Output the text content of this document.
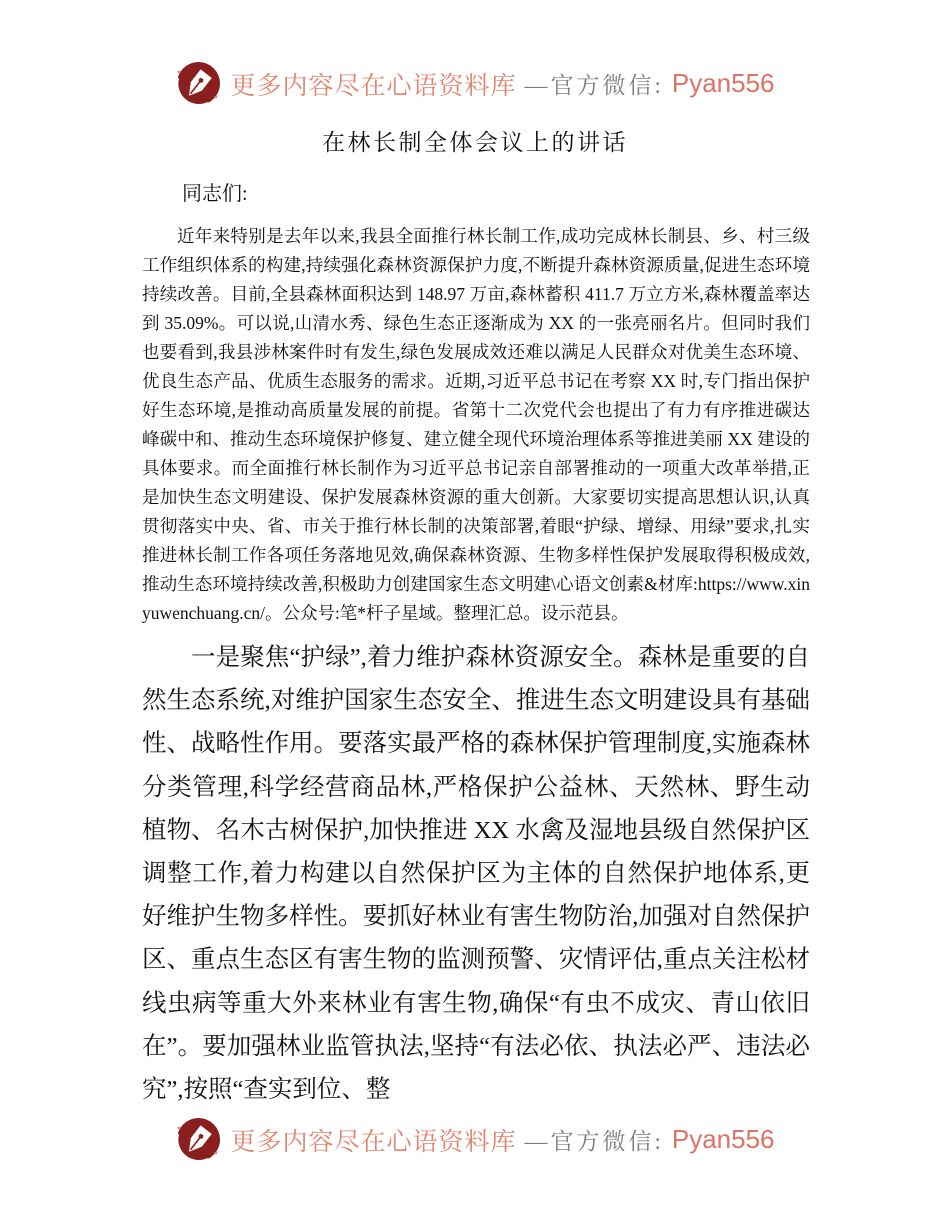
更多内容尽在心语资料库 —官方微信: Pyan556
在林长制全体会议上的讲话

同志们:

近年来特别是去年以来,我县全面推行林长制工作,成功完成林长制县、乡、村三级工作组织体系的构建,持续强化森林资源保护力度,不断提升森林资源质量,促进生态环境持续改善。目前,全县森林面积达到 148.97 万亩,森林蓄积 411.7 万立方米,森林覆盖率达到 35.09%。可以说,山清水秀、绿色生态正逐渐成为 XX 的一张亮丽名片。但同时我们也要看到,我县涉林案件时有发生,绿色发展成效还难以满足人民群众对优美生态环境、优良生态产品、优质生态服务的需求。近期,习近平总书记在考察 XX 时,专门指出保护好生态环境,是推动高质量发展的前提。省第十二次党代会也提出了有力有序推进碳达峰碳中和、推动生态环境保护修复、建立健全现代环境治理体系等推进美丽 XX 建设的具体要求。而全面推行林长制作为习近平总书记亲自部署推动的一项重大改革举措,正是加快生态文明建设、保护发展森林资源的重大创新。大家要切实提高思想认识,认真贯彻落实中央、省、市关于推行林长制的决策部署,着眼“护绿、增绿、用绿”要求,扎实推进林长制工作各项任务落地见效,确保森林资源、生物多样性保护发展取得积极成效,推动生态环境持续改善,积极助力创建国家生态文明建\心语文创素&材库:https://www.xinyuwenchuang.cn/。公众号:笔*杆子星域。整理汇总。设示范县。

一是聚焦“护绿”,着力维护森林资源安全。森林是重要的自然生态系统,对维护国家生态安全、推进生态文明建设具有基础性、战略性作用。要落实最严格的森林保护管理制度,实施森林分类管理,科学经营商品林,严格保护公益林、天然林、野生动植物、名木古树保护,加快推进 XX 水禽及湿地县级自然保护区调整工作,着力构建以自然保护区为主体的自然保护地体系,更好维护生物多样性。要抓好林业有害生物防治,加强对自然保护区、重点生态区有害生物的监测预警、灾情评估,重点关注松材线虫病等重大外来林业有害生物,确保“有虫不成灾、青山依旧在”。要加强林业监管执法,坚持“有法必依、执法必严、违法必究”,按照“查实到位、整

更多内容尽在心语资料库 —官方微信: Pyan556
